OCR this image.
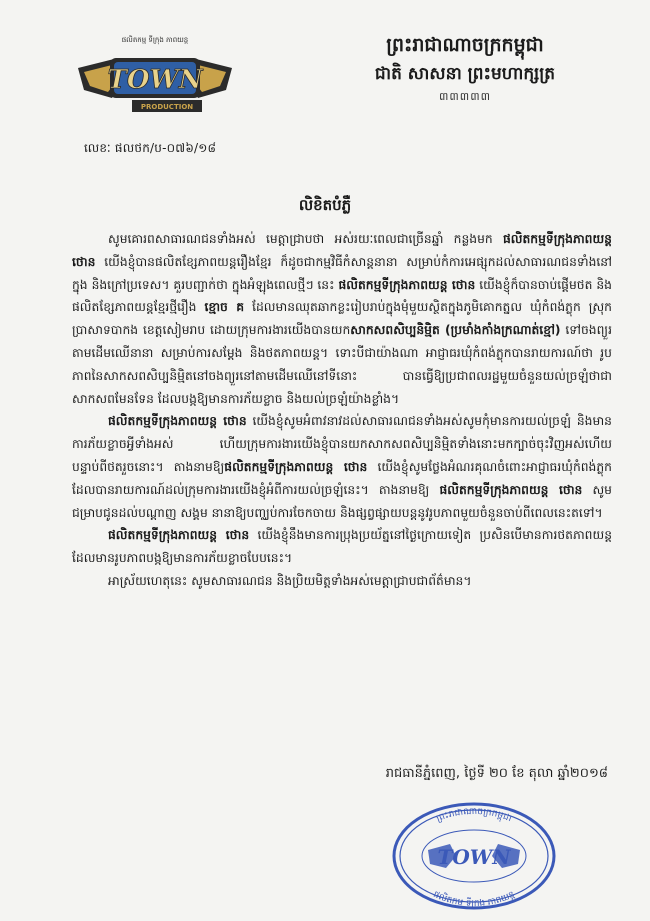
ផលិតកម្ម ទីក្រុង ភាពយន្ត
TOWN
PRODUCTION
លេខៈ ផលថក/ប-០៧៦/១៨
ព្រះរាជាណាចក្រកម្ពុជា
ជាតិ សាសនា ព្រះមហាក្សត្រ
៣៣៣៣៣
លិខិតបំភ្លឺ

សូមគោរពសាធារណជនទាំងអស់ មេត្តាជ្រាបថា អស់រយៈពេលជាច្រើនឆ្នាំ កន្លងមក ផលិតកម្មទីក្រុងភាពយន្ត ថោន យើងខ្ញុំបានផលិតខ្សែភាពយន្តរឿងខ្មែរ ក៏ដូចជាកម្មវិធីកំសាន្តនានា សម្រាប់កំការអេផ្សុកដល់សាធារណជនទាំងនៅក្នុង និងក្រៅប្រទេស។ គួរបញ្ជាក់ថា ក្នុងអំឡុងពេលថ្មីៗ នេះ ផលិតកម្មទីក្រុងភាពយន្ត ថោន យើងខ្ញុំក៏បានចាប់ផ្តើមថត និងផលិតខ្សែភាពយន្តខ្មែរថ្មីរឿង ខ្មោច គ ដែលមានឈុតឆាកខ្លះរៀបរាប់ក្នុងមុំមួយស្ថិតក្នុងភូមិគោកត្នល ឃុំកំពង់ភ្លុក ស្រុកប្រាសាទបាកង ខេត្តសៀមរាប ដោយក្រុមការងារយើងបានយកសាកសពសិប្បនិម្មិត (ប្រមាំងកាំងក្រណាត់ខ្មៅ) ទៅចងព្យួរតាមដើមឈើនានា សម្រាប់ការសម្តែង និងថតភាពយន្ត។ ទោះបីជាយ៉ាងណា អាជ្ញាធរឃុំកំពង់ភ្លុកបានរាយការណ៍ថា រូបភាពនៃសាកសពសិប្បនិម្មិតនៅចងព្យួរនៅតាមដើមឈើនៅទីនោះ បានធ្វើឱ្យប្រជាពលរដ្ឋមួយចំនួនយល់ច្រឡំថាជាសាកសពមែនទែន ដែលបង្កឱ្យមានការភ័យខ្លាច និងយល់ច្រឡំយ៉ាងខ្លាំង។

ផលិតកម្មទីក្រុងភាពយន្ត ថោន យើងខ្ញុំសូមអំពាវនាវដល់សាធារណជនទាំងអស់សូមកុំមានការយល់ច្រឡំ និងមានការភ័យខ្លាចអ្វីទាំងអស់ ហើយក្រុមការងារយើងខ្ញុំបានយកសាកសពសិប្បនិម្មិតទាំងនោះមកក្បាច់ចុះវិញអស់ហើយ បន្ទាប់ពីថតរួចនោះ។ តាងនាមឱ្យផលិតកម្មទីក្រុងភាពយន្ត ថោន យើងខ្ញុំសូមថ្លែងអំណរគុណចំពោះអាជ្ញាធរឃុំកំពង់ភ្លុក ដែលបានរាយការណ៍ដល់ក្រុមការងារយើងខ្ញុំអំពីការយល់ច្រឡំនេះ។ តាងនាមឱ្យ ផលិតកម្មទីក្រុងភាពយន្ត ថោន សូមជម្រាបជូនដល់បណ្តាញ សង្គម នានាឱ្យបញ្ឈប់ការចែកចាយ និងផ្សព្វផ្សាយបន្តនូវរូបភាពមួយចំនួនចាប់ពីពេលនេះតទៅ។

ផលិតកម្មទីក្រុងភាពយន្ត ថោន យើងខ្ញុំនឹងមានការប្រុងប្រយ័ត្ននៅថ្ងៃក្រោយទៀត ប្រសិនបើមានការថតភាពយន្ត ដែលមានរូបភាពបង្កឱ្យមានការភ័យខ្លាចបែបនេះ។

អាស្រ័យហេតុនេះ សូមសាធារណជន និងប្រិយមិត្តទាំងអស់មេត្តាជ្រាបជាព័ត៌មាន។

រាជធានីភ្នំពេញ, ថ្ងៃទី ២០ ខែ តុលា ឆ្នាំ២០១៨
ព្រះរាជាណាចក្រកម្ពុជា
ផលិតកម្ម ទីក្រុង ភាពយន្ត
TOWN
